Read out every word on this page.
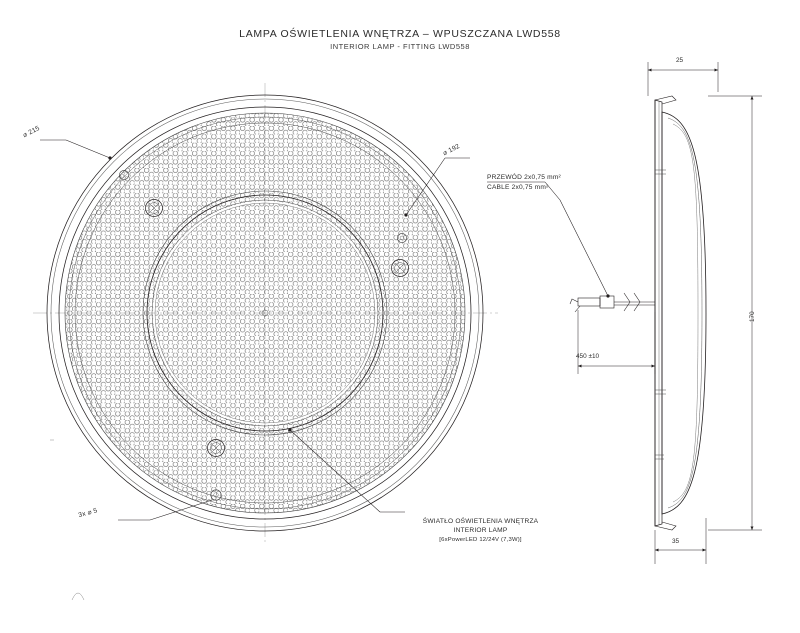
LAMPA OŚWIETLENIA WNĘTRZA – WPUSZCZANA LWD558
INTERIOR LAMP - FITTING LWD558
⌀ 215
⌀ 192
3x ⌀ 5
ŚWIATŁO OŚWIETLENIA WNĘTRZA
INTERIOR LAMP
[6xPowerLED 12/24V (7,3W)]
PRZEWÓD 2x0,75 mm²
CABLE 2x0,75 mm²
25
170
35
450 ±10
